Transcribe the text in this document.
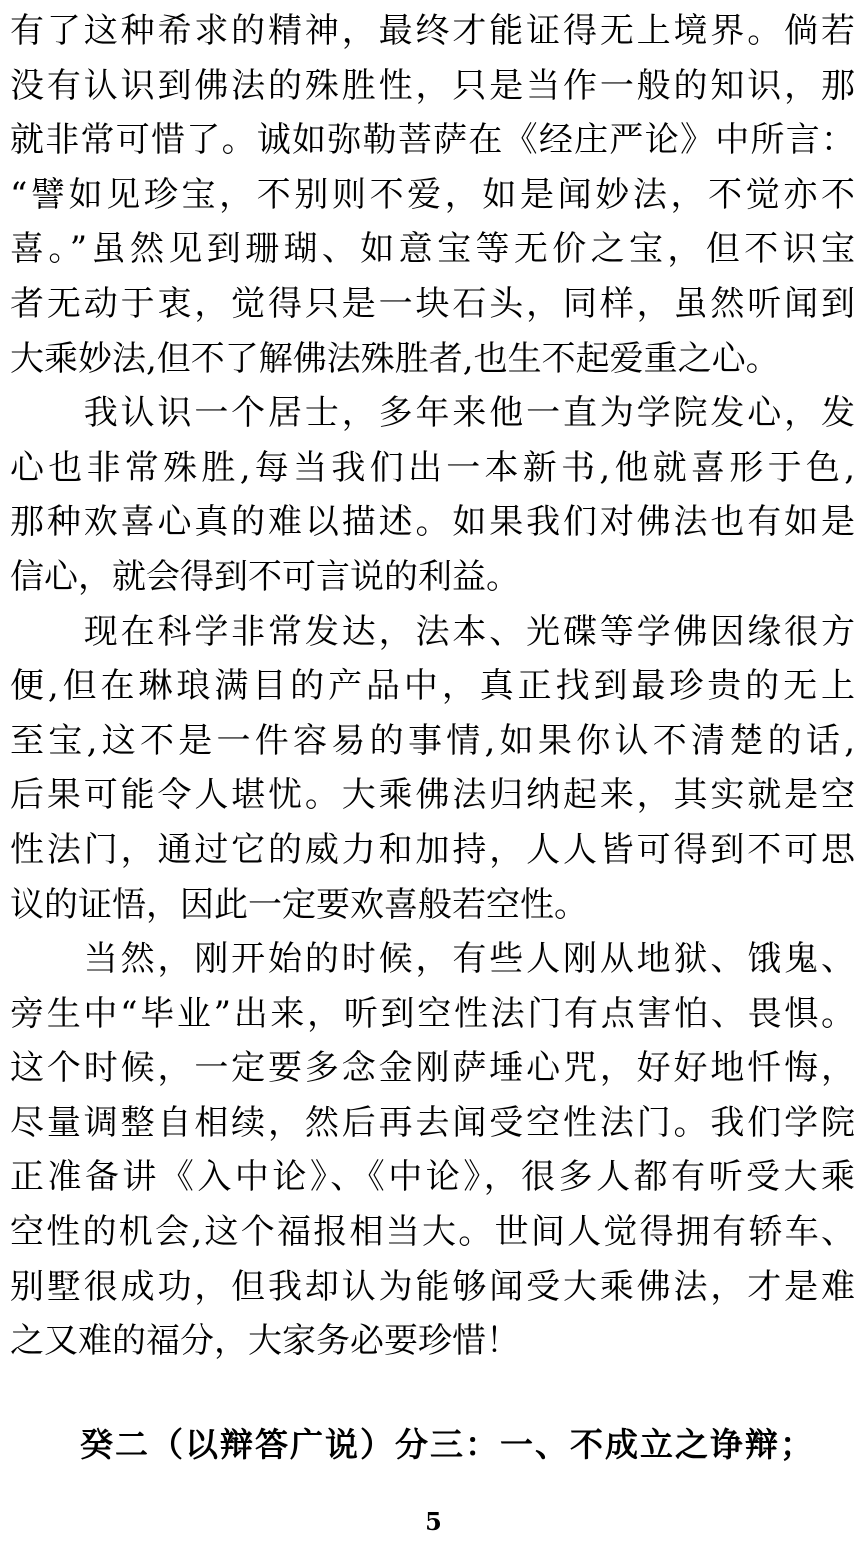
有了这种希求的精神，最终才能证得无上境界。倘若
没有认识到佛法的殊胜性，只是当作一般的知识，那
就非常可惜了。诚如弥勒菩萨在《经庄严论》中所言：
“譬如见珍宝，不别则不爱，如是闻妙法，不觉亦不
喜。”虽然见到珊瑚、如意宝等无价之宝，但不识宝
者无动于衷，觉得只是一块石头，同样，虽然听闻到
大乘妙法,但不了解佛法殊胜者,也生不起爱重之心。
　　我认识一个居士，多年来他一直为学院发心，发
心也非常殊胜,每当我们出一本新书,他就喜形于色,
那种欢喜心真的难以描述。如果我们对佛法也有如是
信心，就会得到不可言说的利益。
　　现在科学非常发达，法本、光碟等学佛因缘很方
便,但在琳琅满目的产品中，真正找到最珍贵的无上
至宝,这不是一件容易的事情,如果你认不清楚的话,
后果可能令人堪忧。大乘佛法归纳起来，其实就是空
性法门，通过它的威力和加持，人人皆可得到不可思
议的证悟，因此一定要欢喜般若空性。
　　当然，刚开始的时候，有些人刚从地狱、饿鬼、
旁生中“毕业”出来，听到空性法门有点害怕、畏惧。
这个时候，一定要多念金刚萨埵心咒，好好地忏悔，
尽量调整自相续，然后再去闻受空性法门。我们学院
正准备讲《入中论》、《中论》，很多人都有听受大乘
空性的机会,这个福报相当大。世间人觉得拥有轿车、
别墅很成功，但我却认为能够闻受大乘佛法，才是难
之又难的福分，大家务必要珍惜！
癸二（以辩答广说）分三：一、不成立之诤辩；
5
